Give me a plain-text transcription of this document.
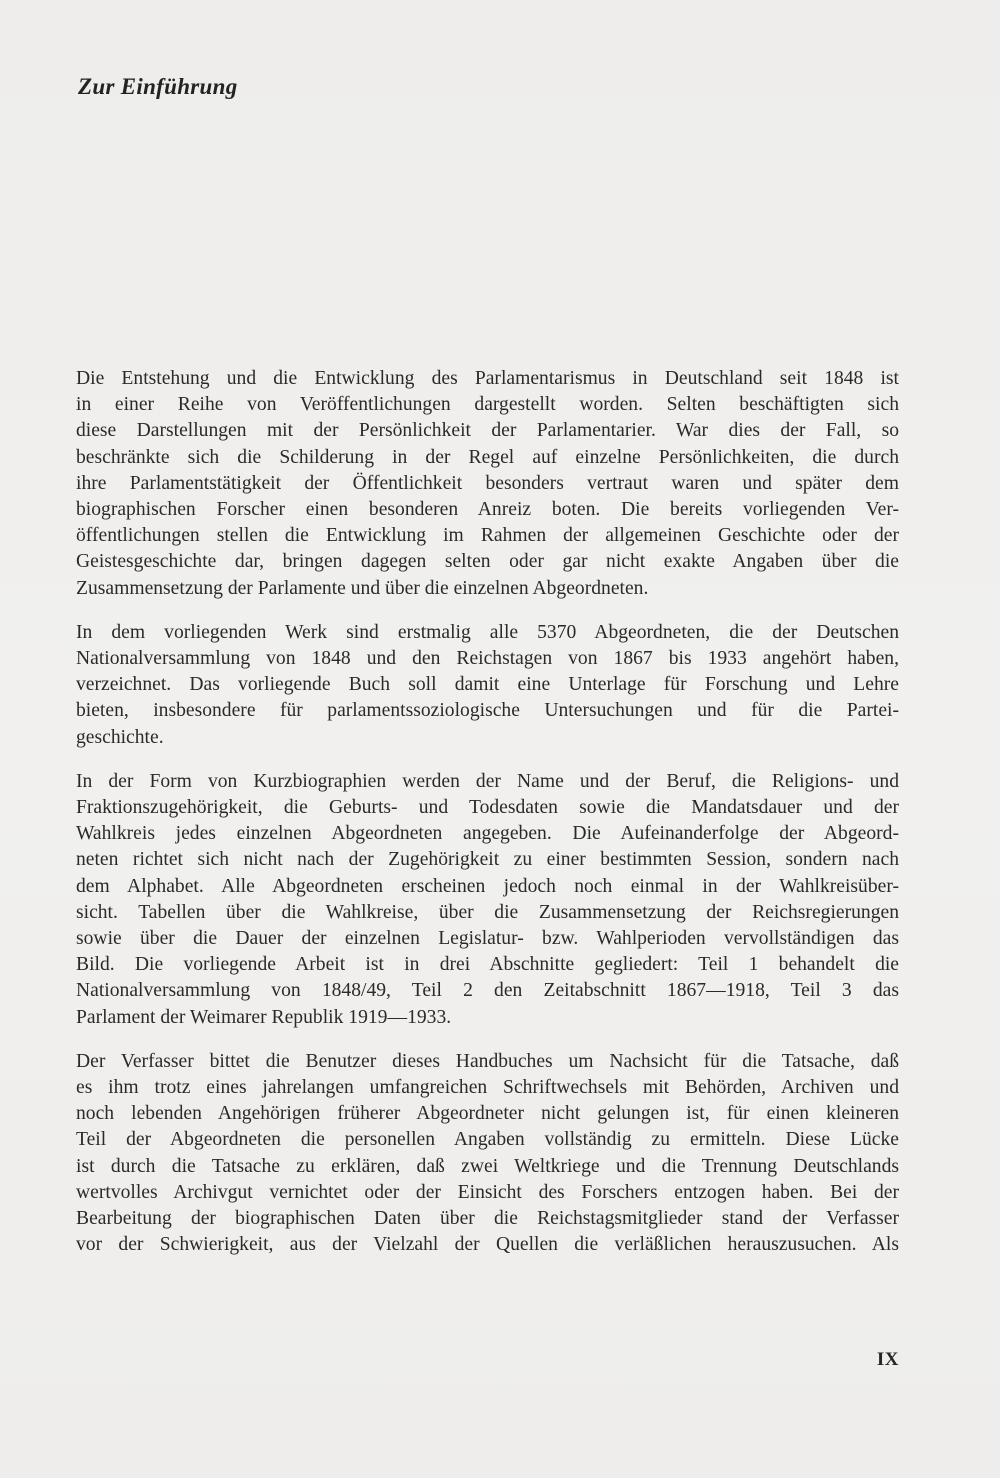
Zur Einführung

Die Entstehung und die Entwicklung des Parlamentarismus in Deutschland seit 1848 ist
in einer Reihe von Veröffentlichungen dargestellt worden. Selten beschäftigten sich
diese Darstellungen mit der Persönlichkeit der Parlamentarier. War dies der Fall, so
beschränkte sich die Schilderung in der Regel auf einzelne Persönlichkeiten, die durch
ihre Parlamentstätigkeit der Öffentlichkeit besonders vertraut waren und später dem
biographischen Forscher einen besonderen Anreiz boten. Die bereits vorliegenden Ver-
öffentlichungen stellen die Entwicklung im Rahmen der allgemeinen Geschichte oder der
Geistesgeschichte dar, bringen dagegen selten oder gar nicht exakte Angaben über die
Zusammensetzung der Parlamente und über die einzelnen Abgeordneten.

In dem vorliegenden Werk sind erstmalig alle 5370 Abgeordneten, die der Deutschen
Nationalversammlung von 1848 und den Reichstagen von 1867 bis 1933 angehört haben,
verzeichnet. Das vorliegende Buch soll damit eine Unterlage für Forschung und Lehre
bieten, insbesondere für parlamentssoziologische Untersuchungen und für die Partei-
geschichte.

In der Form von Kurzbiographien werden der Name und der Beruf, die Religions- und
Fraktionszugehörigkeit, die Geburts- und Todesdaten sowie die Mandatsdauer und der
Wahlkreis jedes einzelnen Abgeordneten angegeben. Die Aufeinanderfolge der Abgeord-
neten richtet sich nicht nach der Zugehörigkeit zu einer bestimmten Session, sondern nach
dem Alphabet. Alle Abgeordneten erscheinen jedoch noch einmal in der Wahlkreisüber-
sicht. Tabellen über die Wahlkreise, über die Zusammensetzung der Reichsregierungen
sowie über die Dauer der einzelnen Legislatur- bzw. Wahlperioden vervollständigen das
Bild. Die vorliegende Arbeit ist in drei Abschnitte gegliedert: Teil 1 behandelt die
Nationalversammlung von 1848/49, Teil 2 den Zeitabschnitt 1867—1918, Teil 3 das
Parlament der Weimarer Republik 1919—1933.

Der Verfasser bittet die Benutzer dieses Handbuches um Nachsicht für die Tatsache, daß
es ihm trotz eines jahrelangen umfangreichen Schriftwechsels mit Behörden, Archiven und
noch lebenden Angehörigen früherer Abgeordneter nicht gelungen ist, für einen kleineren
Teil der Abgeordneten die personellen Angaben vollständig zu ermitteln. Diese Lücke
ist durch die Tatsache zu erklären, daß zwei Weltkriege und die Trennung Deutschlands
wertvolles Archivgut vernichtet oder der Einsicht des Forschers entzogen haben. Bei der
Bearbeitung der biographischen Daten über die Reichstagsmitglieder stand der Verfasser
vor der Schwierigkeit, aus der Vielzahl der Quellen die verläßlichen herauszusuchen. Als

IX
